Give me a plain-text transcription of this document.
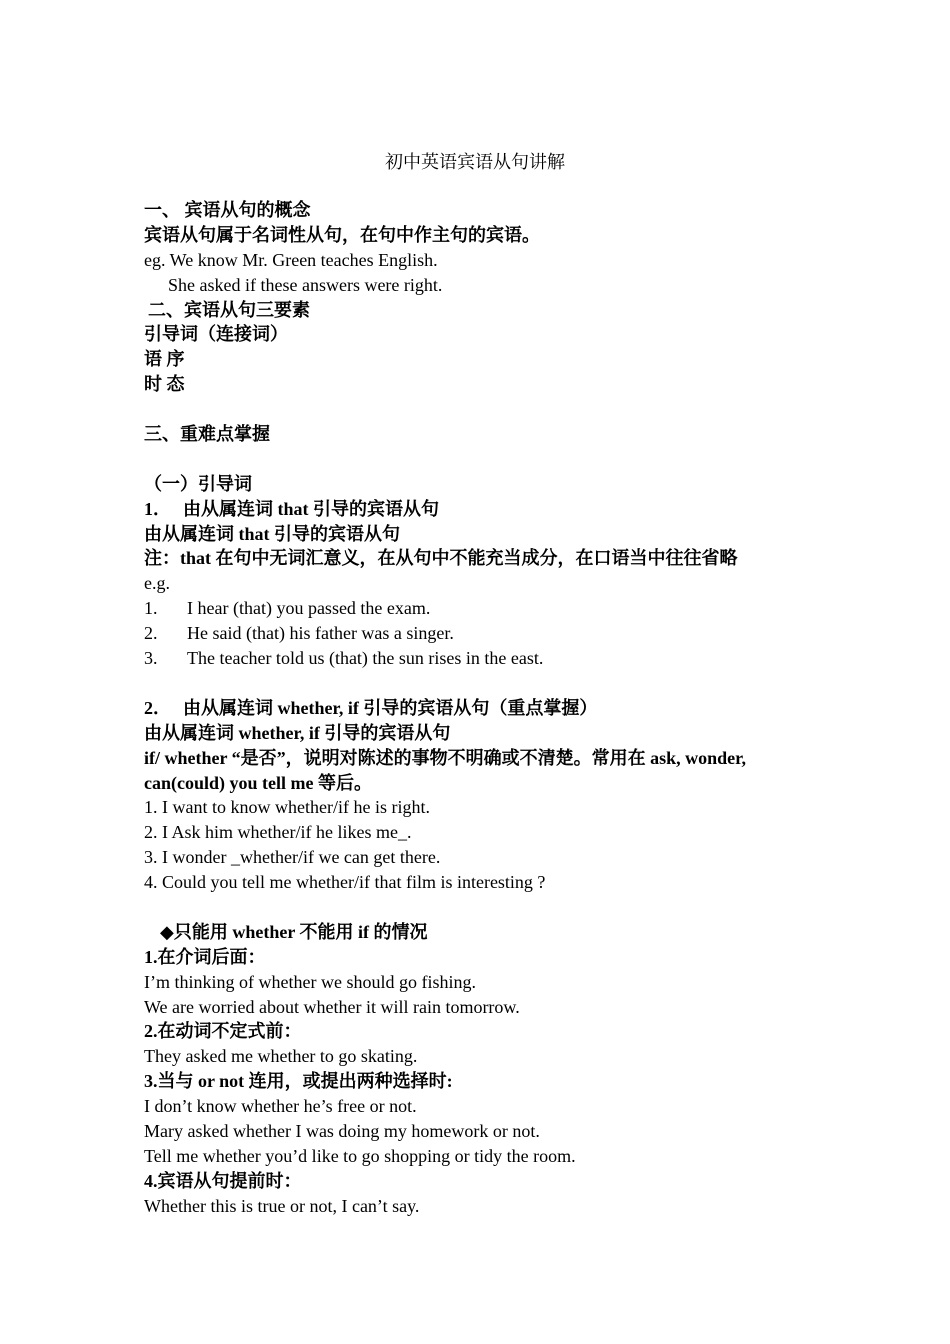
初中英语宾语从句讲解
一、 宾语从句的概念
宾语从句属于名词性从句，在句中作主句的宾语。
eg. We know Mr. Green teaches English.
She asked if these answers were right.
二、宾语从句三要素
引导词（连接词）
语 序
时 态
三、重难点掌握
（一）引导词
1． 由从属连词 that 引导的宾语从句
由从属连词 that 引导的宾语从句
注：that 在句中无词汇意义，在从句中不能充当成分，在口语当中往往省略
e.g.
1. I hear (that) you passed the exam.
2. He said (that) his father was a singer.
3. The teacher told us (that) the sun rises in the east.
2． 由从属连词 whether, if 引导的宾语从句（重点掌握）
由从属连词 whether, if 引导的宾语从句
if/ whether “是否”，说明对陈述的事物不明确或不清楚。常用在 ask, wonder, can(could) you tell me 等后。
1. I want to know whether/if he is right.
2. I Ask him whether/if he likes me_.
3. I wonder _whether/if we can get there.
4. Could you tell me whether/if that film is interesting ?
◆只能用 whether 不能用 if 的情况
1.在介词后面：
I’m thinking of whether we should go fishing.
We are worried about whether it will rain tomorrow.
2.在动词不定式前：
They asked me whether to go skating.
3.当与 or not 连用，或提出两种选择时:
I don’t know whether he’s free or not.
Mary asked whether I was doing my homework or not.
Tell me whether you’d like to go shopping or tidy the room.
4.宾语从句提前时：
Whether this is true or not, I can’t say.
